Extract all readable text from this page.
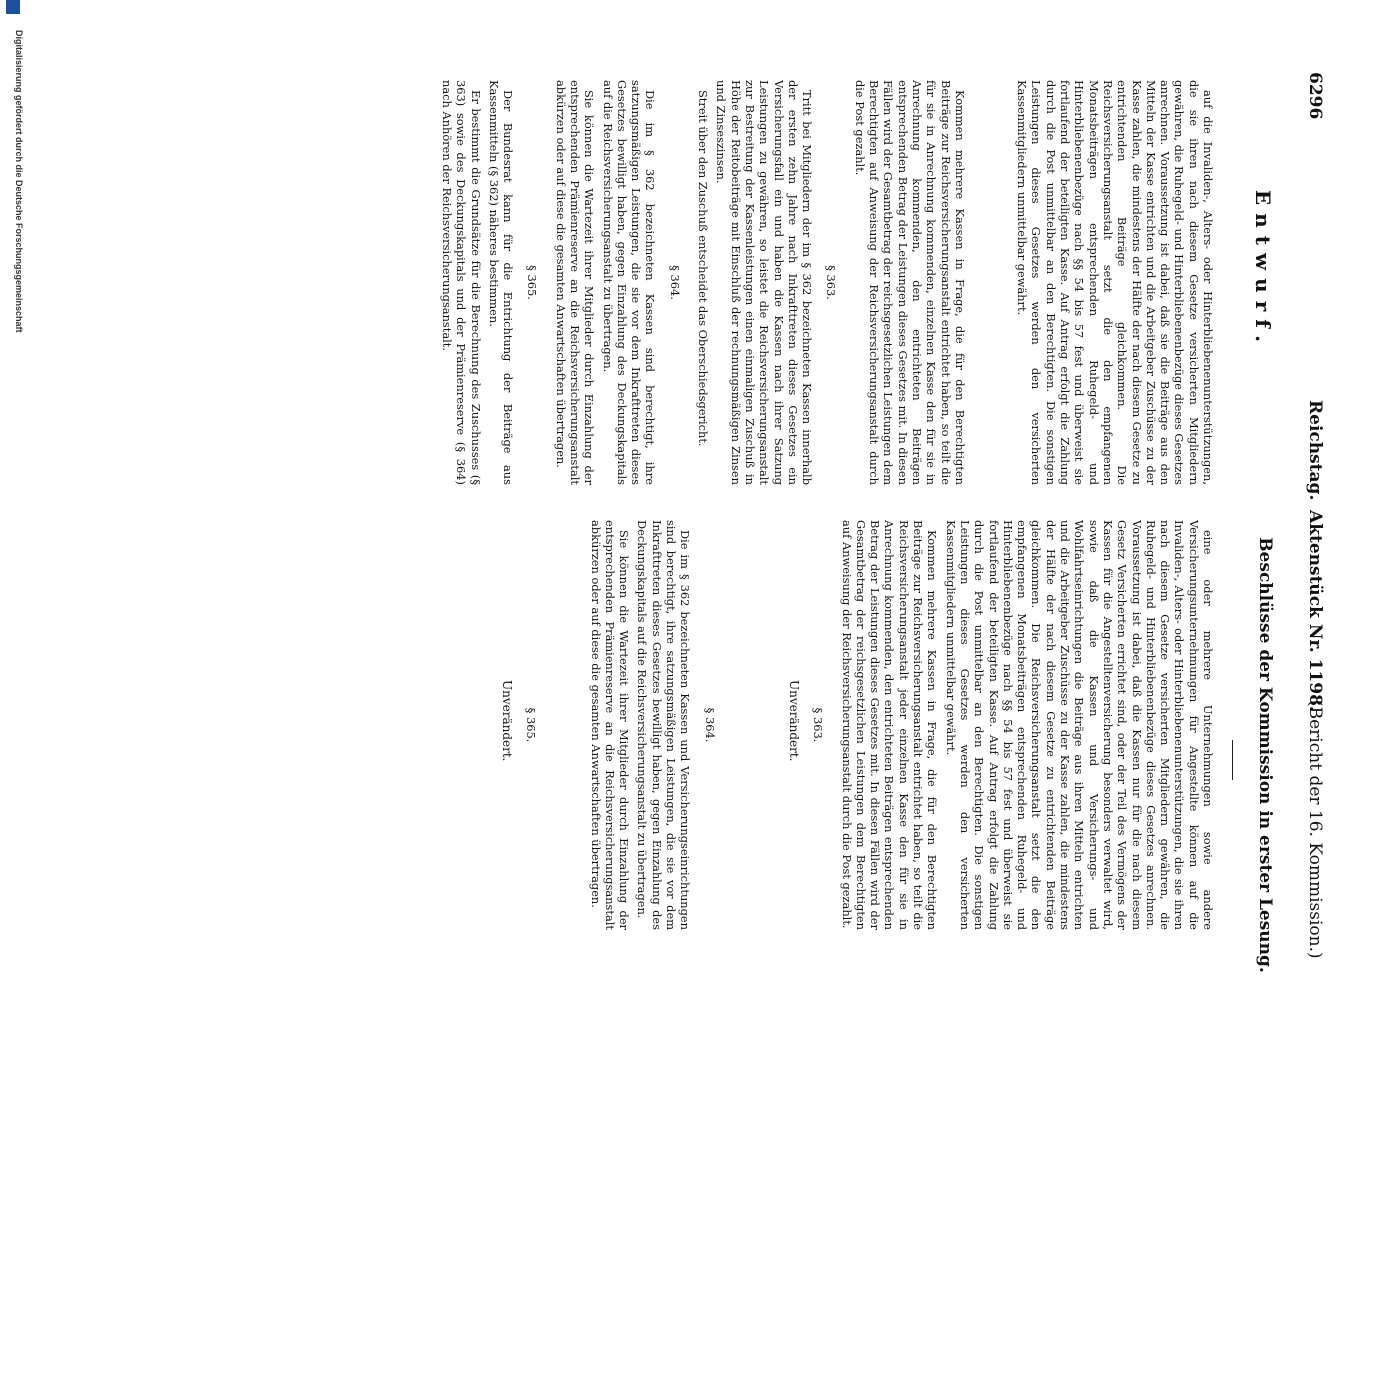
Digitalisierung gefördert durch die Deutsche Forschungsgemeinschaft	6296
Reichstag.
Aktenstück Nr. 1198.
(Bericht der 16. Kommission.)
Entwurf.
Beschlüsse der Kommission in erster Lesung.

auf die Invaliden-, Alters- oder Hinterbliebenenunterstützungen, die sie ihren nach diesem Gesetze versicherten Mitgliedern gewähren, die Ruhegeld- und Hinterbliebenenbezüge dieses Gesetzes anrechnen. Voraussetzung ist dabei, daß sie die Beiträge aus den Mitteln der Kasse entrichten und die Arbeitgeber Zuschüsse zu der Kasse zahlen, die mindestens der Hälfte der nach diesem Gesetze zu entrichtenden Beiträge gleichkommen. Die Reichsversicherungsanstalt setzt die den empfangenen Monatsbeiträgen entsprechenden Ruhegeld- und Hinterbliebenenbezüge nach §§ 54 bis 57 fest und überweist sie fortlaufend der beteiligten Kasse. Auf Antrag erfolgt die Zahlung durch die Post unmittelbar an den Berechtigten. Die sonstigen Leistungen dieses Gesetzes werden den versicherten Kassenmitgliedern unmittelbar gewährt.

Kommen mehrere Kassen in Frage, die für den Berechtigten Beiträge zur Reichsversicherungsanstalt entrichtet haben, so teilt die für sie in Anrechnung kommenden, einzelnen Kasse den für sie in Anrechnung kommenden, den entrichteten Beiträgen entsprechenden Betrag der Leistungen dieses Gesetzes mit. In diesen Fällen wird der Gesamtbetrag der reichsgesetzlichen Leistungen dem Berechtigten auf Anweisung der Reichsversicherungsanstalt durch die Post gezahlt.

§ 363.

Tritt bei Mitgliedern der im § 362 bezeichneten Kassen innerhalb der ersten zehn Jahre nach Inkrafttreten dieses Gesetzes ein Versicherungsfall ein und haben die Kassen nach ihrer Satzung Leistungen zu gewähren, so leistet die Reichsversicherungsanstalt zur Bestreitung der Kassenleistungen einen einmaligen Zuschuß in Höhe der Reitobeiträge mit Einschluß der rechnungsmäßigen Zinsen und Zinseszinsen.

Streit über den Zuschuß entscheidet das Oberschiedsgericht.

§ 364.

Die im § 362 bezeichneten Kassen sind berechtigt, ihre satzungsmäßigen Leistungen, die sie vor dem Inkrafttreten dieses Gesetzes bewilligt haben, gegen Einzahlung des Deckungskapitals auf die Reichsversicherungsanstalt zu übertragen.

Sie können die Wartezeit ihrer Mitglieder durch Einzahlung der entsprechenden Prämienreserve an die Reichsversicherungsanstalt abkürzen oder auf diese die gesamten Anwartschaften übertragen.

§ 365.

Der Bundesrat kann für die Entrichtung der Beiträge aus Kassenmitteln (§ 362) näheres bestimmen.

Er bestimmt die Grundsätze für die Berechnung des Zuschusses (§ 363) sowie des Deckungskapitals und der Prämienreserve (§ 364) nach Anhören der Reichsversicherungsanstalt.

eine oder mehrere Unternehmungen sowie andere Versicherungsunternehmungen für Angestellte können auf die Invaliden-, Alters- oder Hinterbliebenenunterstützungen, die sie ihren nach diesem Gesetze versicherten Mitgliedern gewähren, die Ruhegeld- und Hinterbliebenenbezüge dieses Gesetzes anrechnen. Voraussetzung ist dabei, daß die Kassen nur für die nach diesem Gesetz Versicherten errichtet sind, oder der Teil des Vermögens der Kassen für die Angestelltenversicherung besonders verwaltet wird, sowie daß die Kassen und Versicherungs- und Wohlfahrtseinrichtungen die Beiträge aus ihren Mitteln entrichten und die Arbeitgeber Zuschüsse zu der Kasse zahlen, die mindestens der Hälfte der nach diesem Gesetze zu entrichtenden Beiträge gleichkommen. Die Reichsversicherungsanstalt setzt die den empfangenen Monatsbeiträgen entsprechenden Ruhegeld- und Hinterbliebenenbezüge nach §§ 54 bis 57 fest und überweist sie fortlaufend der beteiligten Kasse. Auf Antrag erfolgt die Zahlung durch die Post unmittelbar an den Berechtigten. Die sonstigen Leistungen dieses Gesetzes werden den versicherten Kassenmitgliedern unmittelbar gewährt.

Kommen mehrere Kassen in Frage, die für den Berechtigten Beiträge zur Reichsversicherungsanstalt entrichtet haben, so teilt die Reichsversicherungsanstalt jeder einzelnen Kasse den für sie in Anrechnung kommenden, den entrichteten Beiträgen entsprechenden Betrag der Leistungen dieses Gesetzes mit. In diesen Fällen wird der Gesamtbetrag der reichsgesetzlichen Leistungen dem Berechtigten auf Anweisung der Reichsversicherungsanstalt durch die Post gezahlt.

§ 363.

Unverändert.

§ 364.

Die im § 362 bezeichneten Kassen und Versicherungseinrichtungen sind berechtigt, ihre satzungsmäßigen Leistungen, die sie vor dem Inkrafttreten dieses Gesetzes bewilligt haben, gegen Einzahlung des Deckungskapitals auf die Reichsversicherungsanstalt zu übertragen.

Sie können die Wartezeit ihrer Mitglieder durch Einzahlung der entsprechenden Prämienreserve an die Reichsversicherungsanstalt abkürzen oder auf diese die gesamten Anwartschaften übertragen.

§ 365.

Unverändert.
